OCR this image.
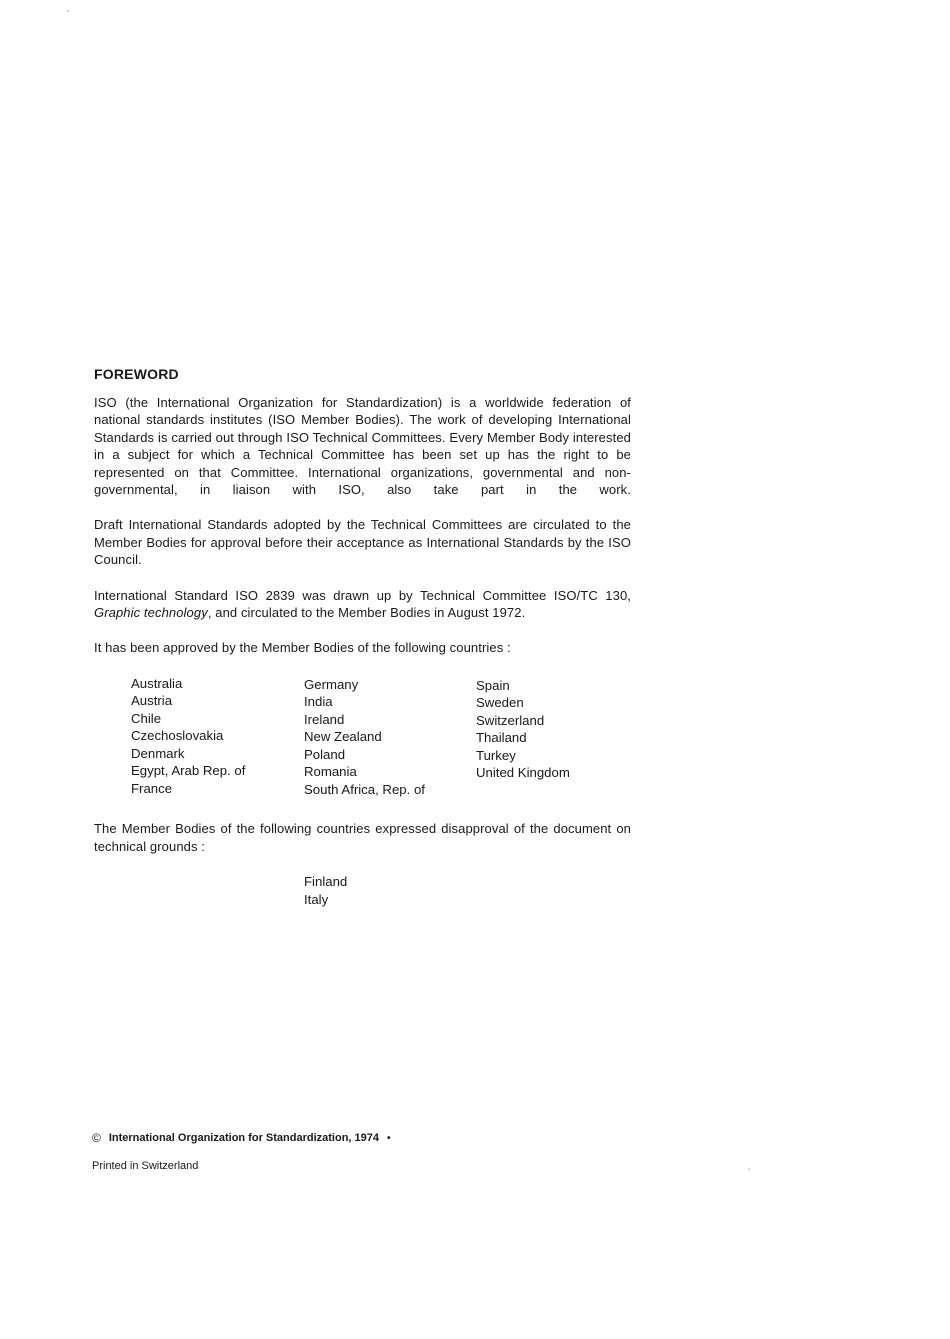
FOREWORD

ISO (the International Organization for Standardization) is a worldwide federation of national standards institutes (ISO Member Bodies). The work of developing International Standards is carried out through ISO Technical Committees. Every Member Body interested in a subject for which a Technical Committee has been set up has the right to be represented on that Committee. International organizations, governmental and non-governmental, in liaison with ISO, also take part in the work.

Draft International Standards adopted by the Technical Committees are circulated to the Member Bodies for approval before their acceptance as International Standards by the ISO Council.

International Standard ISO 2839 was drawn up by Technical Committee ISO/TC 130, Graphic technology, and circulated to the Member Bodies in August 1972.

It has been approved by the Member Bodies of the following countries :

Australia
Austria
Chile
Czechoslovakia
Denmark
Egypt, Arab Rep. of
France
Germany
India
Ireland
New Zealand
Poland
Romania
South Africa, Rep. of
Spain
Sweden
Switzerland
Thailand
Turkey
United Kingdom

The Member Bodies of the following countries expressed disapproval of the document on technical grounds :

Finland
Italy
© International Organization for Standardization, 1974 •
Printed in Switzerland
